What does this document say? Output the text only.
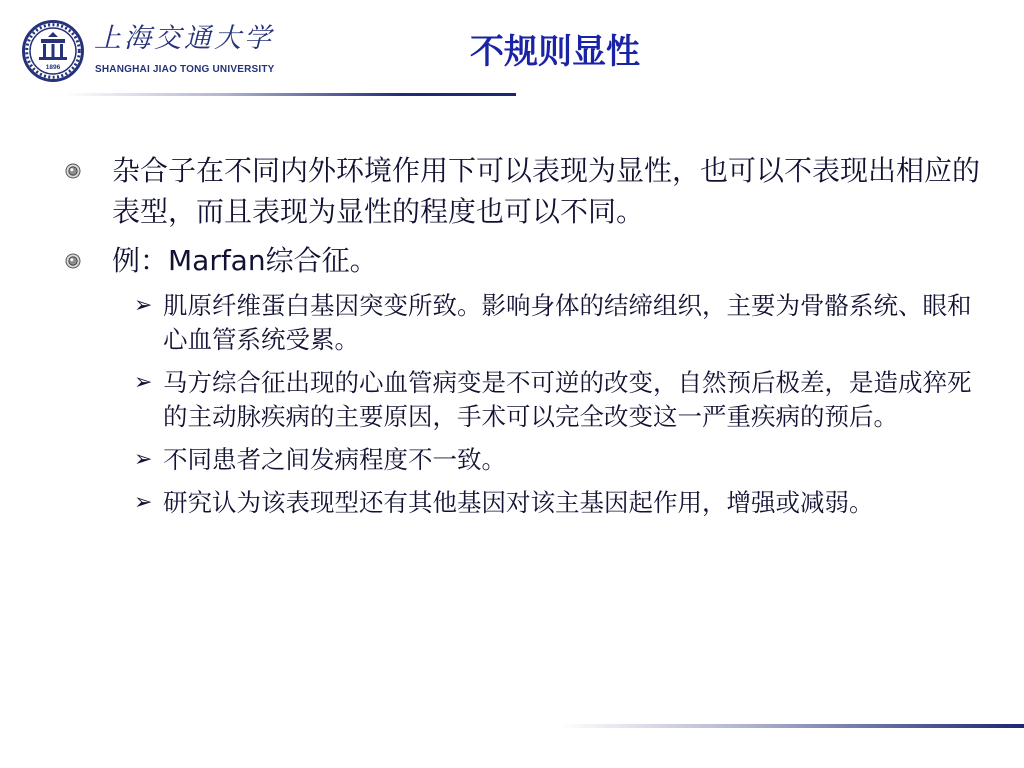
1896
上海交通大学
SHANGHAI JIAO TONG UNIVERSITY	不规则显性
杂合子在不同内外环境作用下可以表现为显性，也可以不表现出相应的表型，而且表现为显性的程度也可以不同。
例：Marfan综合征。
➢ 肌原纤维蛋白基因突变所致。影响身体的结缔组织，主要为骨骼系统、眼和心血管系统受累。
➢ 马方综合征出现的心血管病变是不可逆的改变，自然预后极差，是造成猝死的主动脉疾病的主要原因，手术可以完全改变这一严重疾病的预后。
➢ 不同患者之间发病程度不一致。
➢ 研究认为该表现型还有其他基因对该主基因起作用，增强或减弱。
